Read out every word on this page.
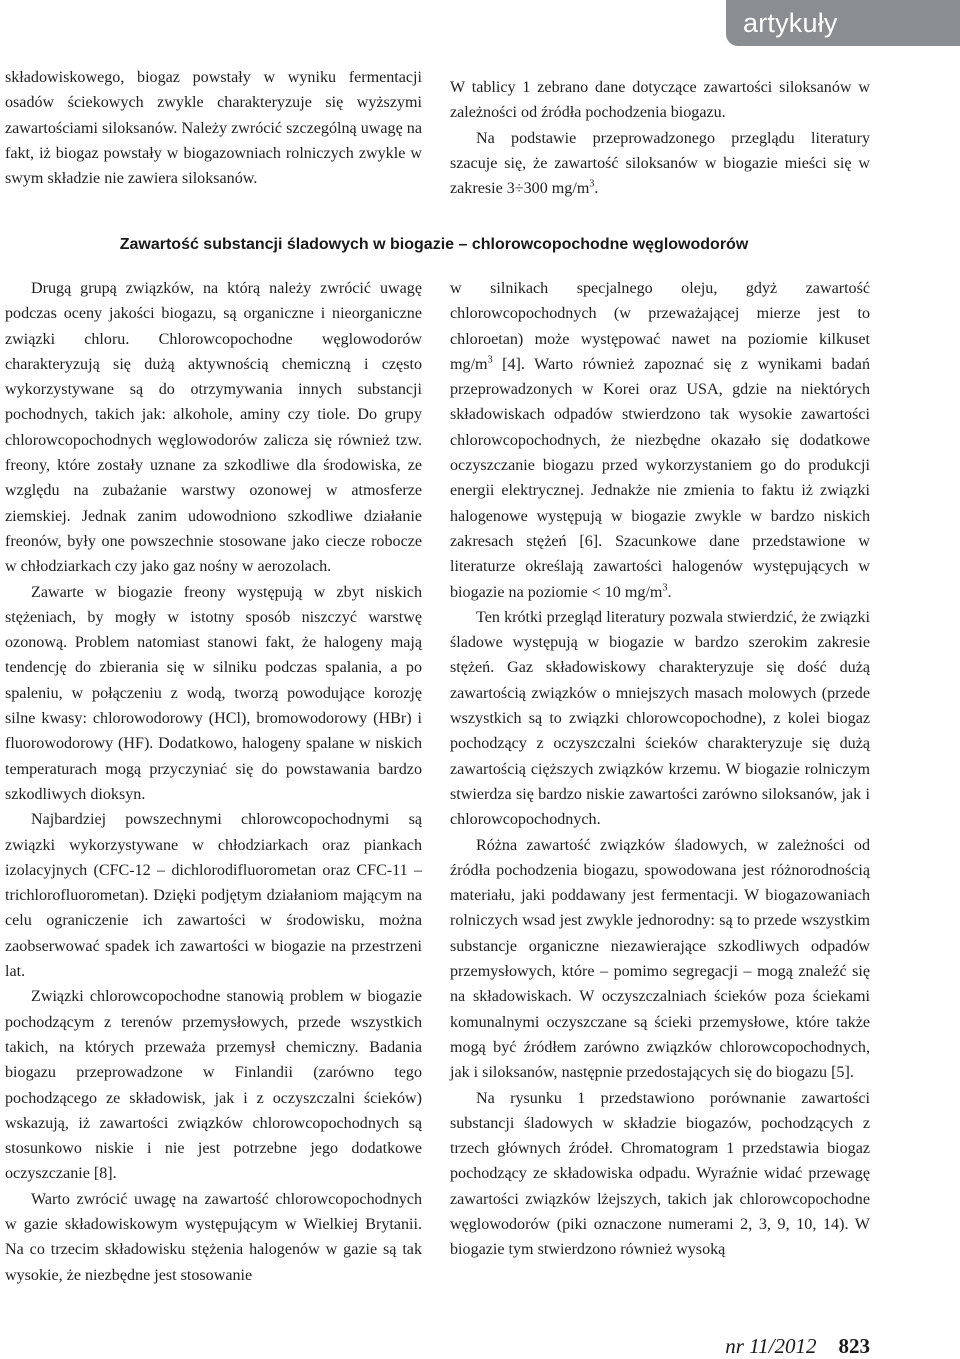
artykuły

składowiskowego, biogaz powstały w wyniku fermentacji osadów ściekowych zwykle charakteryzuje się wyższymi zawartościami siloksanów. Należy zwrócić szczególną uwagę na fakt, iż biogaz powstały w biogazowniach rolniczych zwykle w swym składzie nie zawiera siloksanów.

W tablicy 1 zebrano dane dotyczące zawartości siloksanów w zależności od źródła pochodzenia biogazu.

Na podstawie przeprowadzonego przeglądu literatury szacuje się, że zawartość siloksanów w biogazie mieści się w zakresie 3÷300 $mg/m^3$.

Zawartość substancji śladowych w biogazie – chlorowcopochodne węglowodorów

Drugą grupą związków, na którą należy zwrócić uwagę podczas oceny jakości biogazu, są organiczne i nieorganiczne związki chloru. Chlorowcopochodne węglowodorów charakteryzują się dużą aktywnością chemiczną i często wykorzystywane są do otrzymywania innych substancji pochodnych, takich jak: alkohole, aminy czy tiole. Do grupy chlorowcopochodnych węglowodorów zalicza się również tzw. freony, które zostały uznane za szkodliwe dla środowiska, ze względu na zubażanie warstwy ozonowej w atmosferze ziemskiej. Jednak zanim udowodniono szkodliwe działanie freonów, były one powszechnie stosowane jako ciecze robocze w chłodziarkach czy jako gaz nośny w aerozolach.

Zawarte w biogazie freony występują w zbyt niskich stężeniach, by mogły w istotny sposób niszczyć warstwę ozonową. Problem natomiast stanowi fakt, że halogeny mają tendencję do zbierania się w silniku podczas spalania, a po spaleniu, w połączeniu z wodą, tworzą powodujące korozję silne kwasy: chlorowodorowy (HCl), bromowodorowy (HBr) i fluorowodorowy (HF). Dodatkowo, halogeny spalane w niskich temperaturach mogą przyczyniać się do powstawania bardzo szkodliwych dioksyn.

Najbardziej powszechnymi chlorowcopochodnymi są związki wykorzystywane w chłodziarkach oraz piankach izolacyjnych (CFC-12 – dichlorodifluorometan oraz CFC-11 – trichlorofluorometan). Dzięki podjętym działaniom mającym na celu ograniczenie ich zawartości w środowisku, można zaobserwować spadek ich zawartości w biogazie na przestrzeni lat.

Związki chlorowcopochodne stanowią problem w biogazie pochodzącym z terenów przemysłowych, przede wszystkich takich, na których przeważa przemysł chemiczny. Badania biogazu przeprowadzone w Finlandii (zarówno tego pochodzącego ze składowisk, jak i z oczyszczalni ścieków) wskazują, iż zawartości związków chlorowcopochodnych są stosunkowo niskie i nie jest potrzebne jego dodatkowe oczyszczanie [8].

Warto zwrócić uwagę na zawartość chlorowcopochodnych w gazie składowiskowym występującym w Wielkiej Brytanii. Na co trzecim składowisku stężenia halogenów w gazie są tak wysokie, że niezbędne jest stosowanie

w silnikach specjalnego oleju, gdyż zawartość chlorowcopochodnych (w przeważającej mierze jest to chloroetan) może występować nawet na poziomie kilkuset $mg/m^3$ [4]. Warto również zapoznać się z wynikami badań przeprowadzonych w Korei oraz USA, gdzie na niektórych składowiskach odpadów stwierdzono tak wysokie zawartości chlorowcopochodnych, że niezbędne okazało się dodatkowe oczyszczanie biogazu przed wykorzystaniem go do produkcji energii elektrycznej. Jednakże nie zmienia to faktu iż związki halogenowe występują w biogazie zwykle w bardzo niskich zakresach stężeń [6]. Szacunkowe dane przedstawione w literaturze określają zawartości halogenów występujących w biogazie na poziomie < 10 $mg/m^3$.

Ten krótki przegląd literatury pozwala stwierdzić, że związki śladowe występują w biogazie w bardzo szerokim zakresie stężeń. Gaz składowiskowy charakteryzuje się dość dużą zawartością związków o mniejszych masach molowych (przede wszystkich są to związki chlorowcopochodne), z kolei biogaz pochodzący z oczyszczalni ścieków charakteryzuje się dużą zawartością cięższych związków krzemu. W biogazie rolniczym stwierdza się bardzo niskie zawartości zarówno siloksanów, jak i chlorowcopochodnych.

Różna zawartość związków śladowych, w zależności od źródła pochodzenia biogazu, spowodowana jest różnorodnością materiału, jaki poddawany jest fermentacji. W biogazowaniach rolniczych wsad jest zwykle jednorodny: są to przede wszystkim substancje organiczne niezawierające szkodliwych odpadów przemysłowych, które – pomimo segregacji – mogą znaleźć się na składowiskach. W oczyszczalniach ścieków poza ściekami komunalnymi oczyszczane są ścieki przemysłowe, które także mogą być źródłem zarówno związków chlorowcopochodnych, jak i siloksanów, następnie przedostających się do biogazu [5].

Na rysunku 1 przedstawiono porównanie zawartości substancji śladowych w składzie biogazów, pochodzących z trzech głównych źródeł. Chromatogram 1 przedstawia biogaz pochodzący ze składowiska odpadu. Wyraźnie widać przewagę zawartości związków lżejszych, takich jak chlorowcopochodne węglowodorów (piki oznaczone numerami 2, 3, 9, 10, 14). W biogazie tym stwierdzono również wysoką

nr 11/2012 823
